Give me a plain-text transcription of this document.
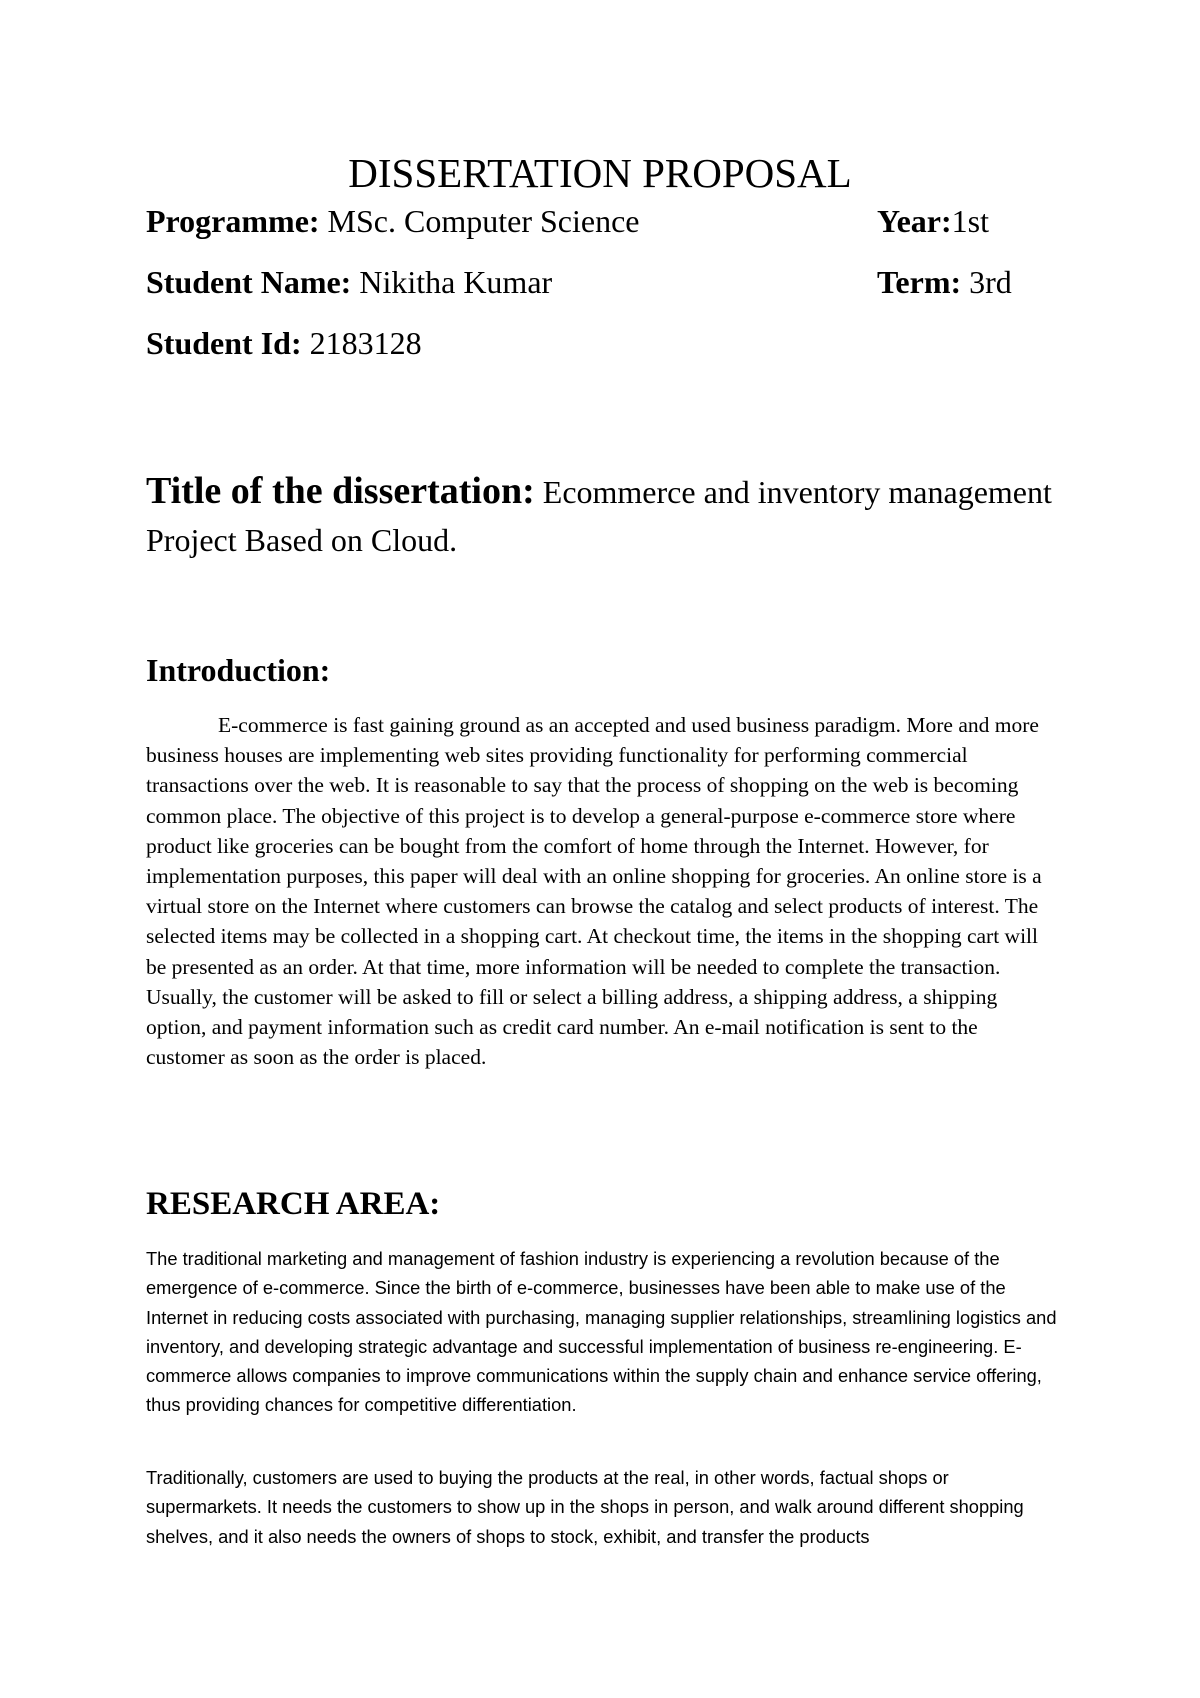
DISSERTATION PROPOSAL
Programme: MSc. Computer Science	Year:1st
Student Name: Nikitha Kumar	Term: 3rd
Student Id: 2183128
Title of the dissertation: Ecommerce and inventory management Project Based on Cloud.
Introduction:

E-commerce is fast gaining ground as an accepted and used business paradigm. More and more business houses are implementing web sites providing functionality for performing commercial transactions over the web. It is reasonable to say that the process of shopping on the web is becoming common place. The objective of this project is to develop a general-purpose e-commerce store where product like groceries can be bought from the comfort of home through the Internet. However, for implementation purposes, this paper will deal with an online shopping for groceries. An online store is a virtual store on the Internet where customers can browse the catalog and select products of interest. The selected items may be collected in a shopping cart. At checkout time, the items in the shopping cart will be presented as an order. At that time, more information will be needed to complete the transaction. Usually, the customer will be asked to fill or select a billing address, a shipping address, a shipping option, and payment information such as credit card number. An e-mail notification is sent to the customer as soon as the order is placed.

RESEARCH AREA:

The traditional marketing and management of fashion industry is experiencing a revolution because of the emergence of e-commerce. Since the birth of e-commerce, businesses have been able to make use of the Internet in reducing costs associated with purchasing, managing supplier relationships, streamlining logistics and inventory, and developing strategic advantage and successful implementation of business re-engineering. E-commerce allows companies to improve communications within the supply chain and enhance service offering, thus providing chances for competitive differentiation.

Traditionally, customers are used to buying the products at the real, in other words, factual shops or supermarkets. It needs the customers to show up in the shops in person, and walk around different shopping shelves, and it also needs the owners of shops to stock, exhibit, and transfer the products
